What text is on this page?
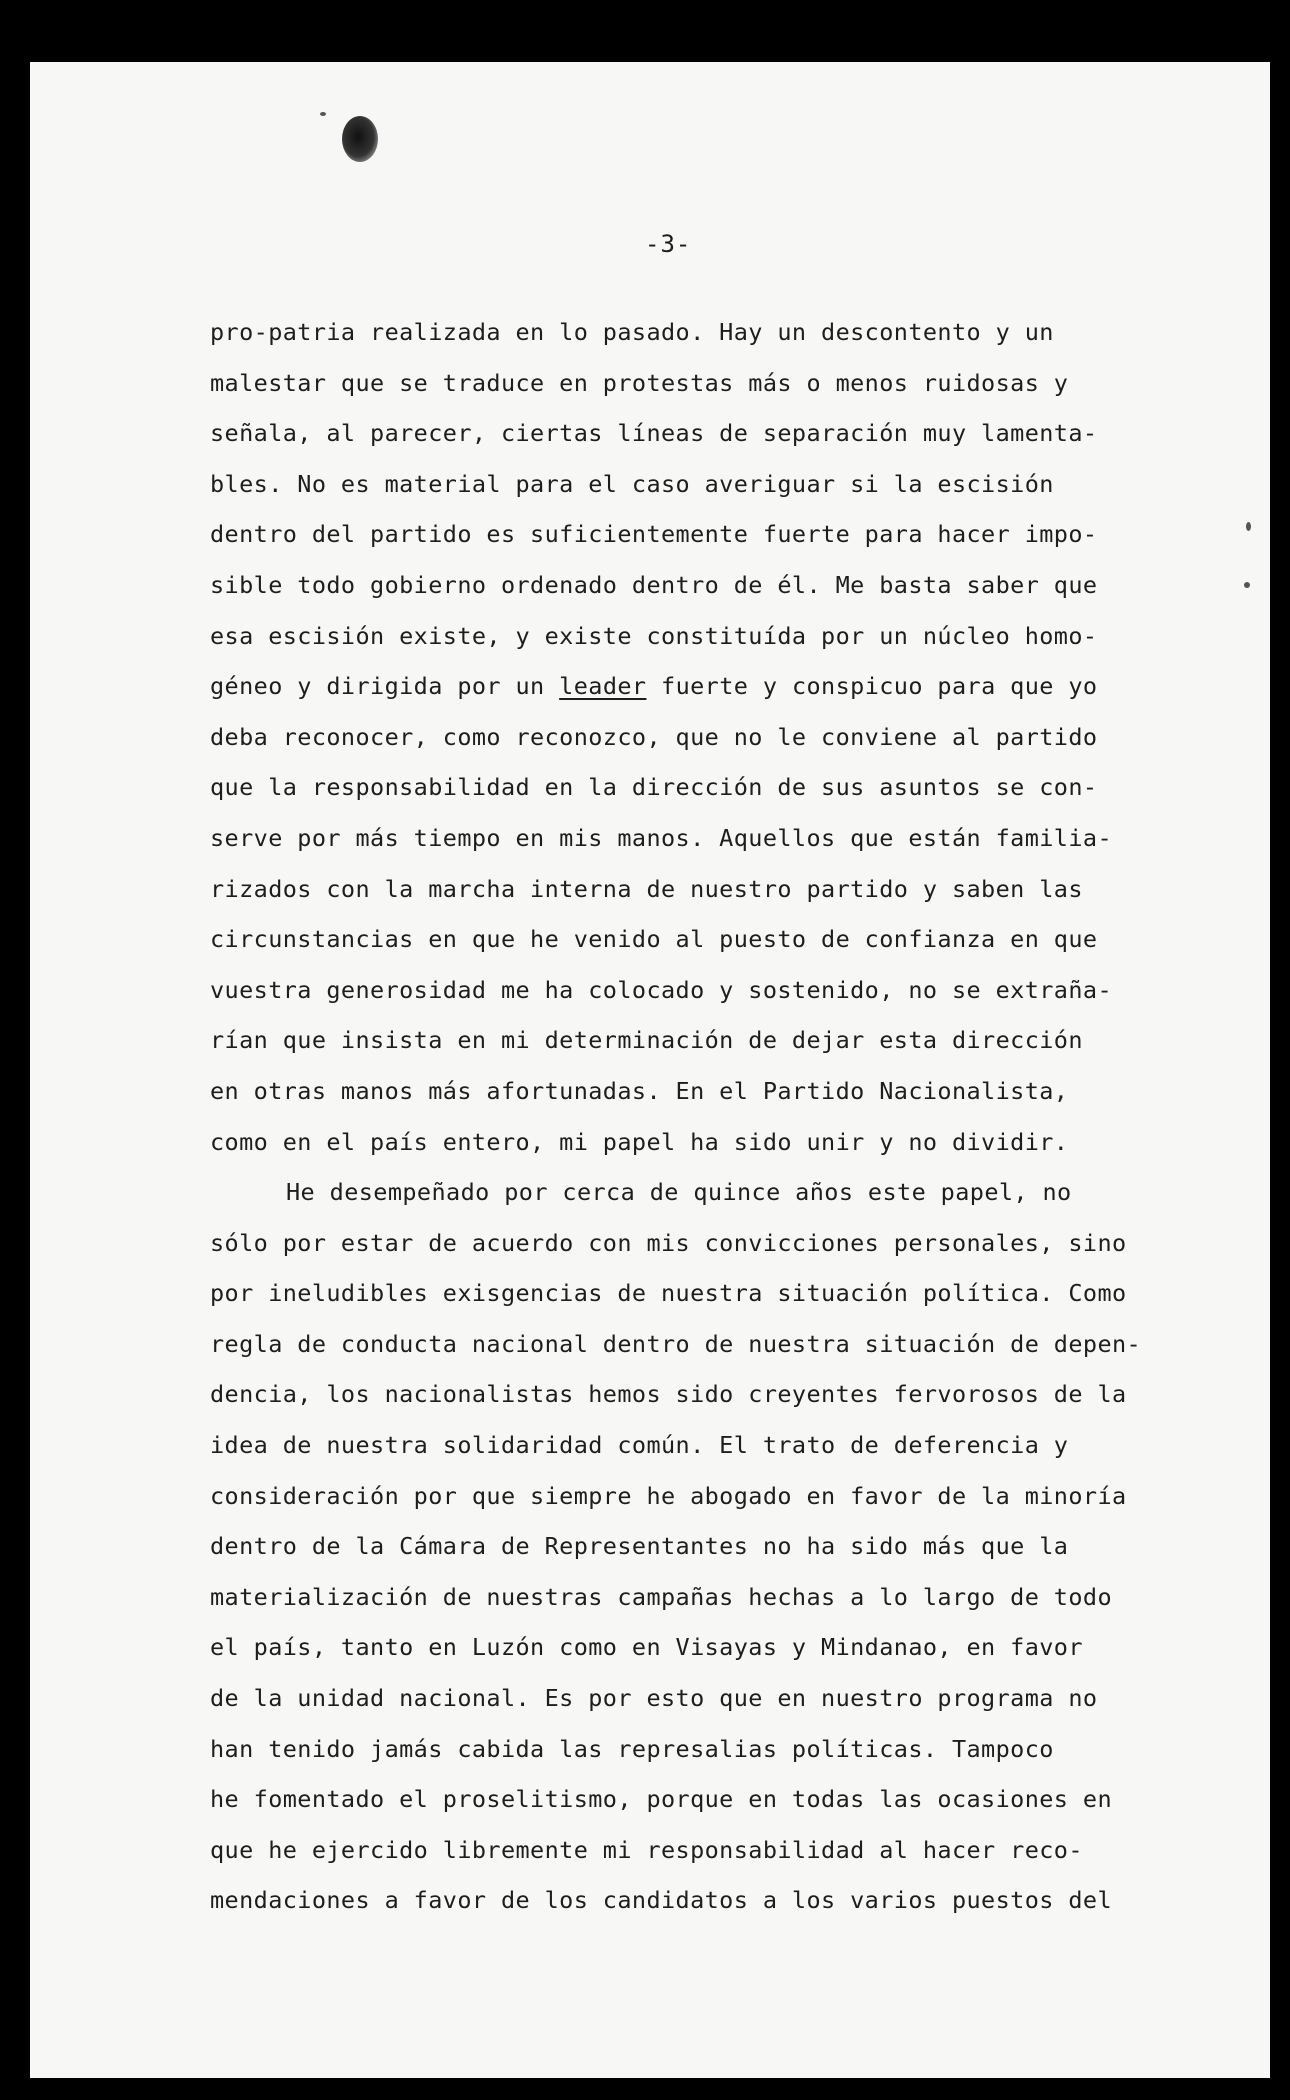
-3-
pro-patria realizada en lo pasado. Hay un descontento y un
malestar que se traduce en protestas más o menos ruidosas y
señala, al parecer, ciertas líneas de separación muy lamenta-
bles. No es material para el caso averiguar si la escisión
dentro del partido es suficientemente fuerte para hacer impo-
sible todo gobierno ordenado dentro de él. Me basta saber que
esa escisión existe, y existe constituída por un núcleo homo-
géneo y dirigida por un leader fuerte y conspicuo para que yo
deba reconocer, como reconozco, que no le conviene al partido
que la responsabilidad en la dirección de sus asuntos se con-
serve por más tiempo en mis manos. Aquellos que están familia-
rizados con la marcha interna de nuestro partido y saben las
circunstancias en que he venido al puesto de confianza en que
vuestra generosidad me ha colocado y sostenido, no se extraña-
rían que insista en mi determinación de dejar esta dirección
en otras manos más afortunadas. En el Partido Nacionalista,
como en el país entero, mi papel ha sido unir y no dividir.
He desempeñado por cerca de quince años este papel, no
sólo por estar de acuerdo con mis convicciones personales, sino
por ineludibles exisgencias de nuestra situación política. Como
regla de conducta nacional dentro de nuestra situación de depen-
dencia, los nacionalistas hemos sido creyentes fervorosos de la
idea de nuestra solidaridad común. El trato de deferencia y
consideración por que siempre he abogado en favor de la minoría
dentro de la Cámara de Representantes no ha sido más que la
materialización de nuestras campañas hechas a lo largo de todo
el país, tanto en Luzón como en Visayas y Mindanao, en favor
de la unidad nacional. Es por esto que en nuestro programa no
han tenido jamás cabida las represalias políticas. Tampoco
he fomentado el proselitismo, porque en todas las ocasiones en
que he ejercido libremente mi responsabilidad al hacer reco-
mendaciones a favor de los candidatos a los varios puestos del
